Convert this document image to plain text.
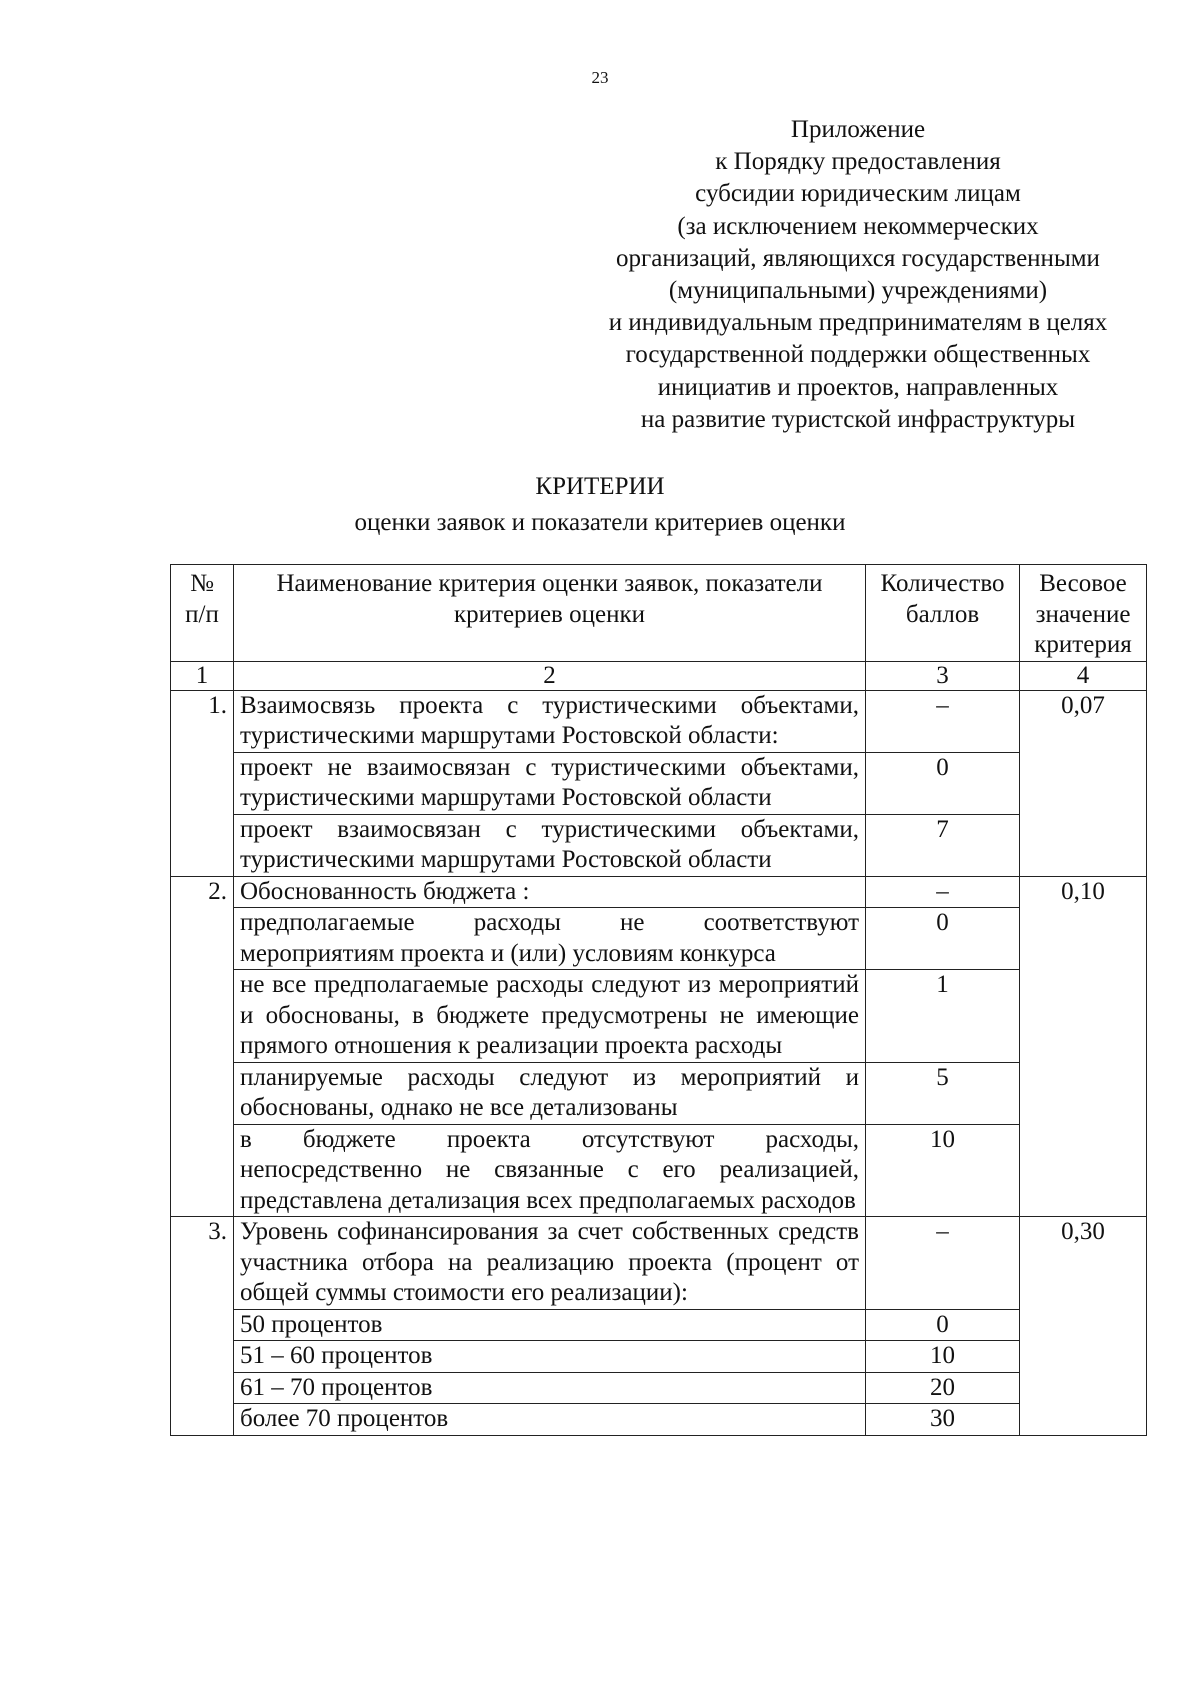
23
Приложение
к Порядку предоставления
субсидии юридическим лицам
(за исключением некоммерческих
организаций, являющихся государственными
(муниципальными) учреждениями)
и индивидуальным предпринимателям в целях
государственной поддержки общественных
инициатив и проектов, направленных
на развитие туристской инфраструктуры
КРИТЕРИИ
оценки заявок и показатели критериев оценки
№ п/п	Наименование критерия оценки заявок, показатели критериев оценки	Количество баллов	Весовое значение критерия
1	2	3	4
1.	Взаимосвязь проекта с туристическими объектами, туристическими маршрутами Ростовской области:	–	0,07
	проект не взаимосвязан с туристическими объектами, туристическими маршрутами Ростовской области	0	
	проект взаимосвязан с туристическими объектами, туристическими маршрутами Ростовской области	7	
2.	Обоснованность бюджета :	–	0,10
	предполагаемые расходы не соответствуют мероприятиям проекта и (или) условиям конкурса	0	
	не все предполагаемые расходы следуют из мероприятий и обоснованы, в бюджете предусмотрены не имеющие прямого отношения к реализации проекта расходы	1	
	планируемые расходы следуют из мероприятий и обоснованы, однако не все детализованы	5	
	в бюджете проекта отсутствуют расходы, непосредственно не связанные с его реализацией, представлена детализация всех предполагаемых расходов	10	
3.	Уровень софинансирования за счет собственных средств участника отбора на реализацию проекта (процент от общей суммы стоимости его реализации):	–	0,30
	50 процентов	0	
	51 – 60 процентов	10	
	61 – 70 процентов	20	
	более 70 процентов	30	
